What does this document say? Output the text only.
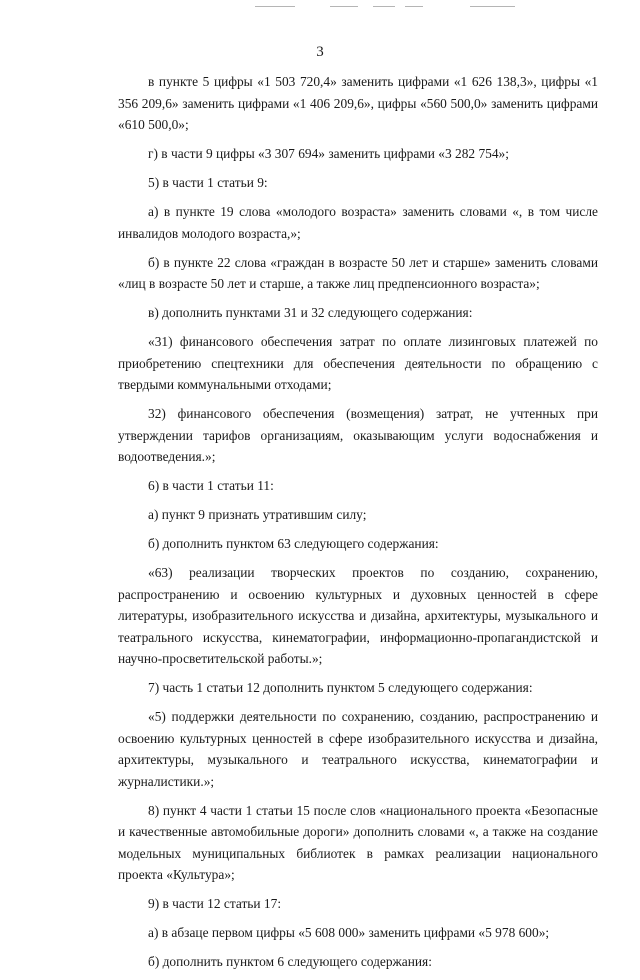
3

в пункте 5 цифры «1 503 720,4» заменить цифрами «1 626 138,3», цифры «1 356 209,6» заменить цифрами «1 406 209,6», цифры «560 500,0» заменить цифрами «610 500,0»;

г) в части 9 цифры «3 307 694» заменить цифрами «3 282 754»;

5) в части 1 статьи 9:

а) в пункте 19 слова «молодого возраста» заменить словами «, в том числе инвалидов молодого возраста,»;

б) в пункте 22 слова «граждан в возрасте 50 лет и старше» заменить словами «лиц в возрасте 50 лет и старше, а также лиц предпенсионного возраста»;

в) дополнить пунктами 31 и 32 следующего содержания:

«31) финансового обеспечения затрат по оплате лизинговых платежей по приобретению спецтехники для обеспечения деятельности по обращению с твердыми коммунальными отходами;

32) финансового обеспечения (возмещения) затрат, не учтенных при утверждении тарифов организациям, оказывающим услуги водоснабжения и водоотведения.»;

6) в части 1 статьи 11:

а) пункт 9 признать утратившим силу;

б) дополнить пунктом 63 следующего содержания:

«63) реализации творческих проектов по созданию, сохранению, распространению и освоению культурных и духовных ценностей в сфере литературы, изобразительного искусства и дизайна, архитектуры, музыкального и театрального искусства, кинематографии, информационно-пропагандистской и научно-просветительской работы.»;

7) часть 1 статьи 12 дополнить пунктом 5 следующего содержания:

«5) поддержки деятельности по сохранению, созданию, распространению и освоению культурных ценностей в сфере изобразительного искусства и дизайна, архитектуры, музыкального и театрального искусства, кинематографии и журналистики.»;

8) пункт 4 части 1 статьи 15 после слов «национального проекта «Безопасные и качественные автомобильные дороги» дополнить словами «, а также на создание модельных муниципальных библиотек в рамках реализации национального проекта «Культура»;

9) в части 12 статьи 17:

а) в абзаце первом цифры «5 608 000» заменить цифрами «5 978 600»;

б) дополнить пунктом 6 следующего содержания:
